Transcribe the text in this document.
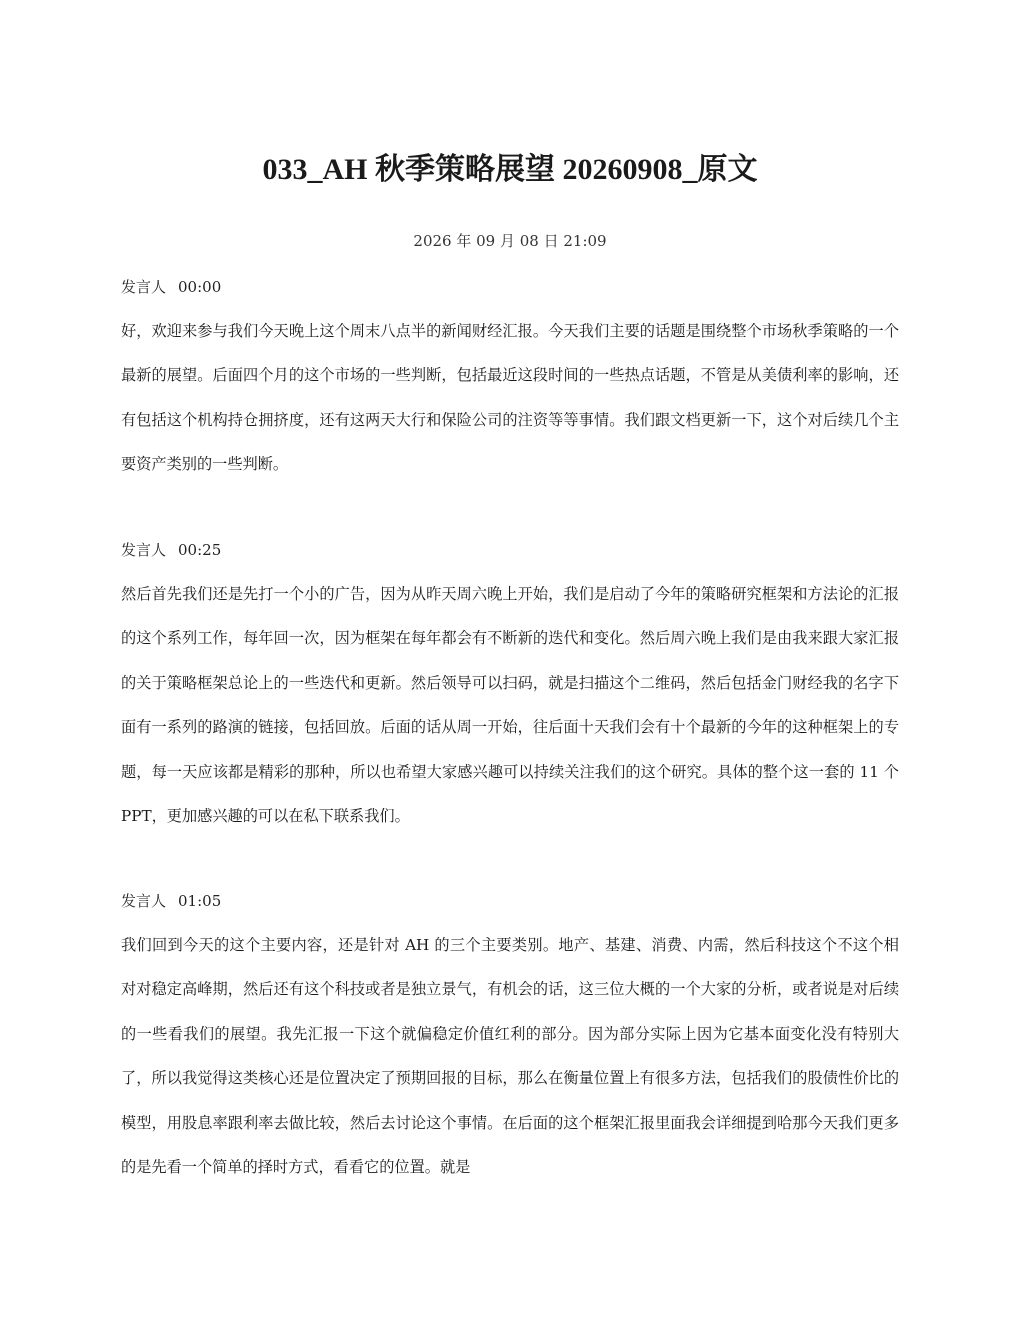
033_AH 秋季策略展望 20260908_原文
2026 年 09 月 08 日 21:09
发言人 00:00
好，欢迎来参与我们今天晚上这个周末八点半的新闻财经汇报。今天我们主要的话题是围绕整个市场秋季策略的一个最新的展望。后面四个月的这个市场的一些判断，包括最近这段时间的一些热点话题，不管是从美债利率的影响，还有包括这个机构持仓拥挤度，还有这两天大行和保险公司的注资等等事情。我们跟文档更新一下，这个对后续几个主要资产类别的一些判断。
发言人 00:25
然后首先我们还是先打一个小的广告，因为从昨天周六晚上开始，我们是启动了今年的策略研究框架和方法论的汇报的这个系列工作，每年回一次，因为框架在每年都会有不断新的迭代和变化。然后周六晚上我们是由我来跟大家汇报的关于策略框架总论上的一些迭代和更新。然后领导可以扫码，就是扫描这个二维码，然后包括金门财经我的名字下面有一系列的路演的链接，包括回放。后面的话从周一开始，往后面十天我们会有十个最新的今年的这种框架上的专题，每一天应该都是精彩的那种，所以也希望大家感兴趣可以持续关注我们的这个研究。具体的整个这一套的 11 个 PPT，更加感兴趣的可以在私下联系我们。
发言人 01:05
我们回到今天的这个主要内容，还是针对 AH 的三个主要类别。地产、基建、消费、内需，然后科技这个不这个相对对稳定高峰期，然后还有这个科技或者是独立景气，有机会的话，这三位大概的一个大家的分析，或者说是对后续的一些看我们的展望。我先汇报一下这个就偏稳定价值红利的部分。因为部分实际上因为它基本面变化没有特别大了，所以我觉得这类核心还是位置决定了预期回报的目标，那么在衡量位置上有很多方法，包括我们的股债性价比的模型，用股息率跟利率去做比较，然后去讨论这个事情。在后面的这个框架汇报里面我会详细提到哈那今天我们更多的是先看一个简单的择时方式，看看它的位置。就是
